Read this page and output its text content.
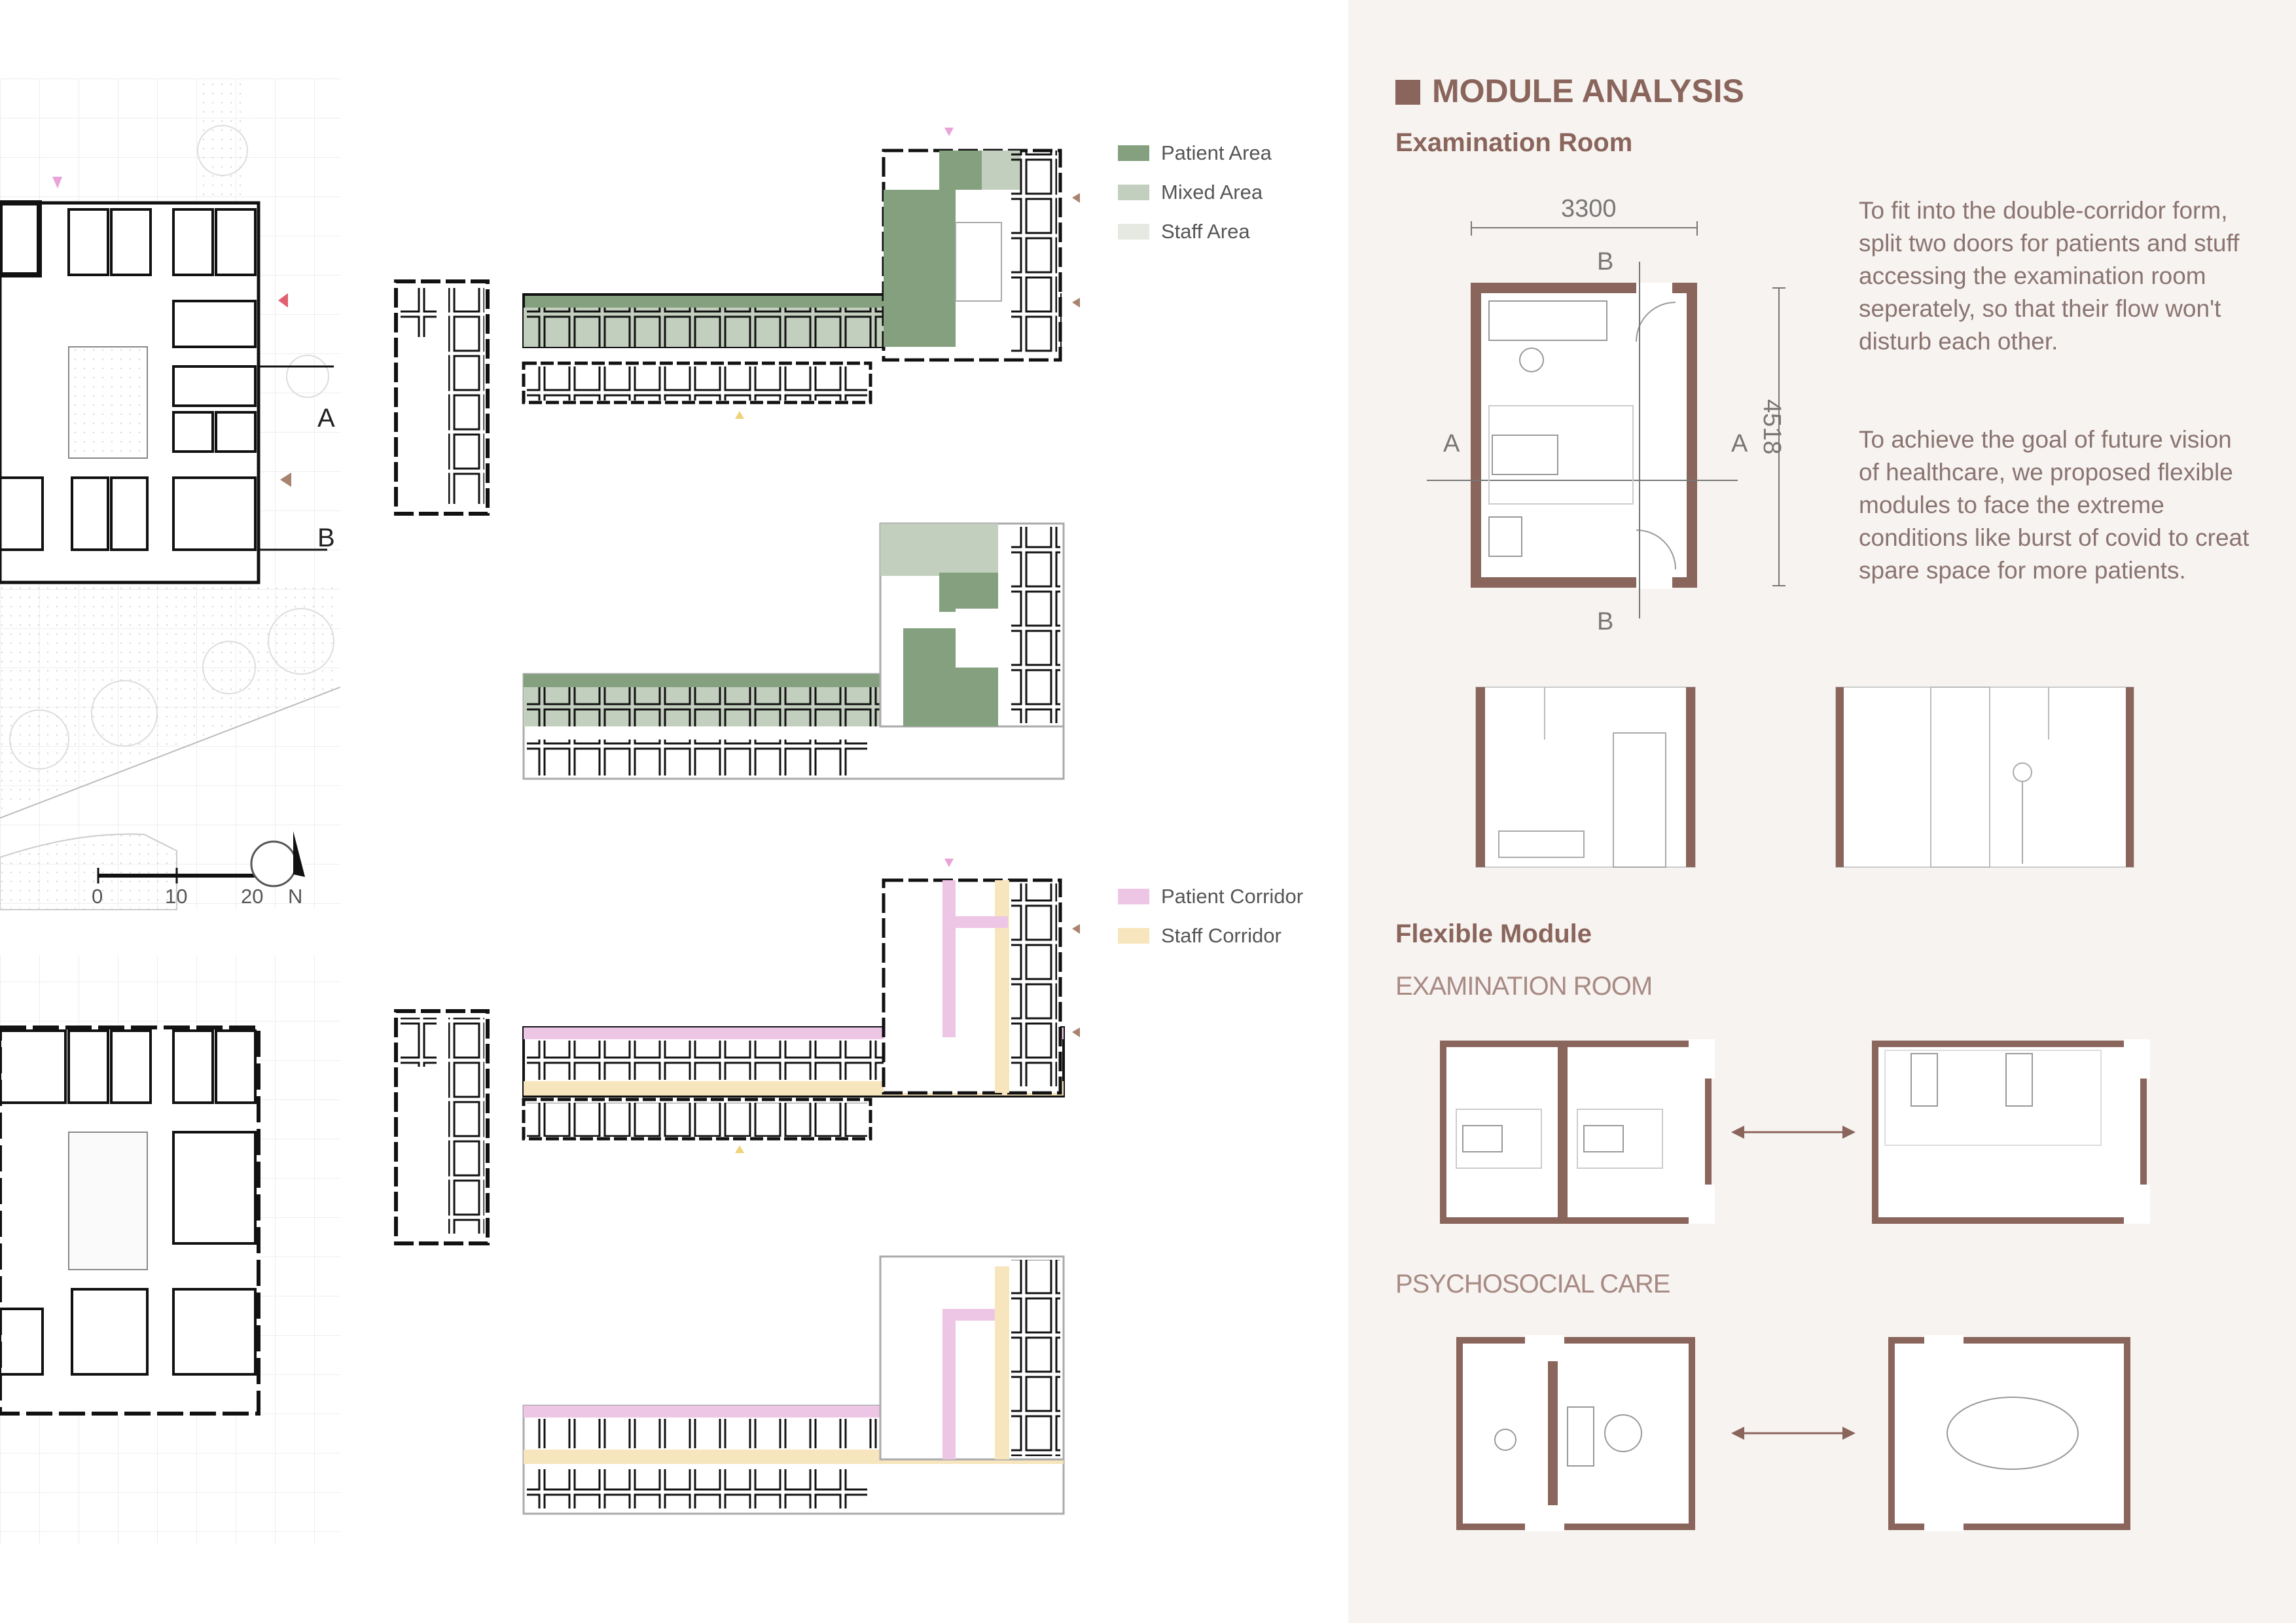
A
A	A
B
B
0	10	20 N
B
Patient Area
Mixed Area
Staff Area
Patient Corridor
Staff Corridor
MODULE ANALYSIS
Examination Room
3300
4518
To fit into the double-corridor form, split two doors for patients and stuff accessing the examination room seperately, so that their flow won't disturb each other.
To achieve the goal of future vision of healthcare, we proposed flexible modules to face the extreme conditions like burst of covid to creat spare space for more patients.
Flexible Module
EXAMINATION ROOM
PSYCHOSOCIAL CARE
